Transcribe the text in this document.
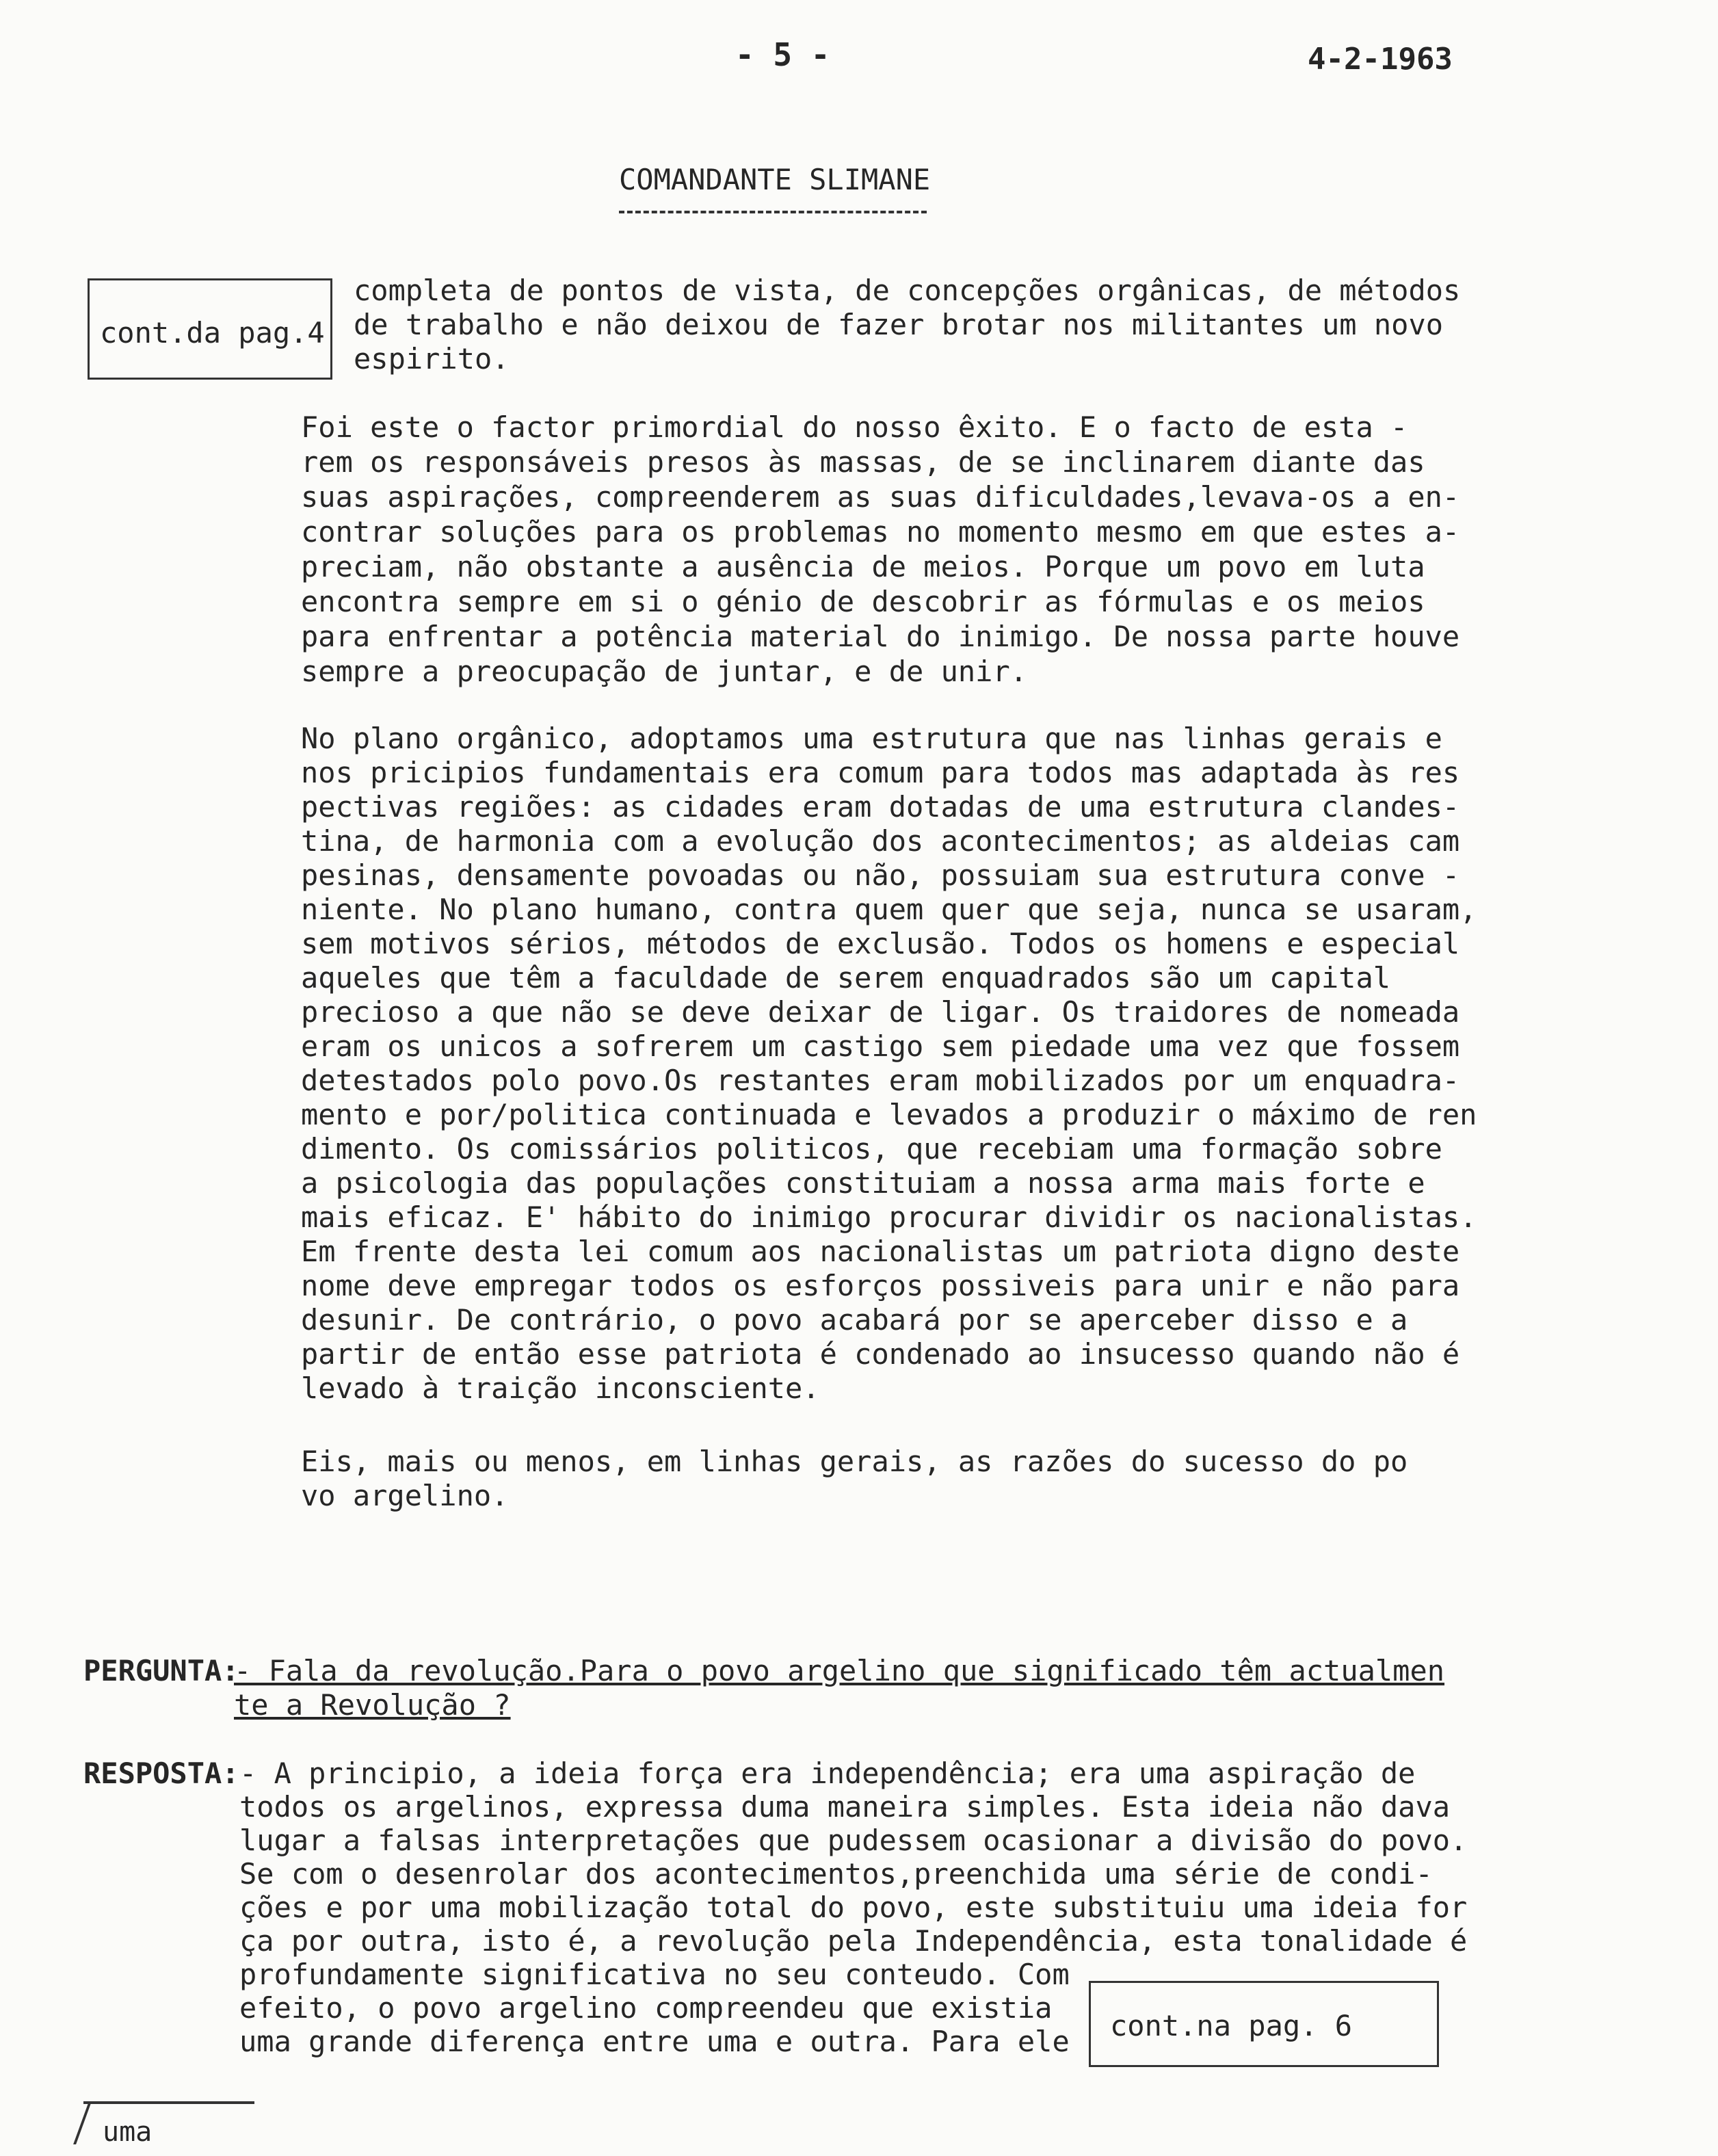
- 5 -	4-2-1963
COMANDANTE SLIMANE
cont.da pag.4
completa de pontos de vista, de concepções orgânicas, de métodos
de trabalho e não deixou de fazer brotar nos militantes um novo
espirito.
Foi este o factor primordial do nosso êxito. E o facto de esta -
rem os responsáveis presos às massas, de se inclinarem diante das
suas aspirações, compreenderem as suas dificuldades,levava-os a en-
contrar soluções para os problemas no momento mesmo em que estes a-
preciam, não obstante a ausência de meios. Porque um povo em luta
encontra sempre em si o génio de descobrir as fórmulas e os meios
para enfrentar a potência material do inimigo. De nossa parte houve
sempre a preocupação de juntar, e de unir.
No plano orgânico, adoptamos uma estrutura que nas linhas gerais e
nos pricipios fundamentais era comum para todos mas adaptada às res
pectivas regiões: as cidades eram dotadas de uma estrutura clandes-
tina, de harmonia com a evolução dos acontecimentos; as aldeias cam
pesinas, densamente povoadas ou não, possuiam sua estrutura conve -
niente. No plano humano, contra quem quer que seja, nunca se usaram,
sem motivos sérios, métodos de exclusão. Todos os homens e especial
aqueles que têm a faculdade de serem enquadrados são um capital
precioso a que não se deve deixar de ligar. Os traidores de nomeada
eram os unicos a sofrerem um castigo sem piedade uma vez que fossem
detestados polo povo.Os restantes eram mobilizados por um enquadra-
mento e por/politica continuada e levados a produzir o máximo de ren
dimento. Os comissários politicos, que recebiam uma formação sobre
a psicologia das populações constituiam a nossa arma mais forte e
mais eficaz. E' hábito do inimigo procurar dividir os nacionalistas.
Em frente desta lei comum aos nacionalistas um patriota digno deste
nome deve empregar todos os esforços possiveis para unir e não para
desunir. De contrário, o povo acabará por se aperceber disso e a
partir de então esse patriota é condenado ao insucesso quando não é
levado à traição inconsciente.
Eis, mais ou menos, em linhas gerais, as razões do sucesso do po
vo argelino.
PERGUNTA:
- Fala da revolução.Para o povo argelino que significado têm actualmen
te a Revolução ?
RESPOSTA: - A principio, a ideia força era independência; era uma aspiração de
todos os argelinos, expressa duma maneira simples. Esta ideia não dava
lugar a falsas interpretações que pudessem ocasionar a divisão do povo.
Se com o desenrolar dos acontecimentos,preenchida uma série de condi-
ções e por uma mobilização total do povo, este substituiu uma ideia for
ça por outra, isto é, a revolução pela Independência, esta tonalidade é
profundamente significativa no seu conteudo. Com
efeito, o povo argelino compreendeu que existia
uma grande diferença entre uma e outra. Para ele cont.na pag. 6
uma
